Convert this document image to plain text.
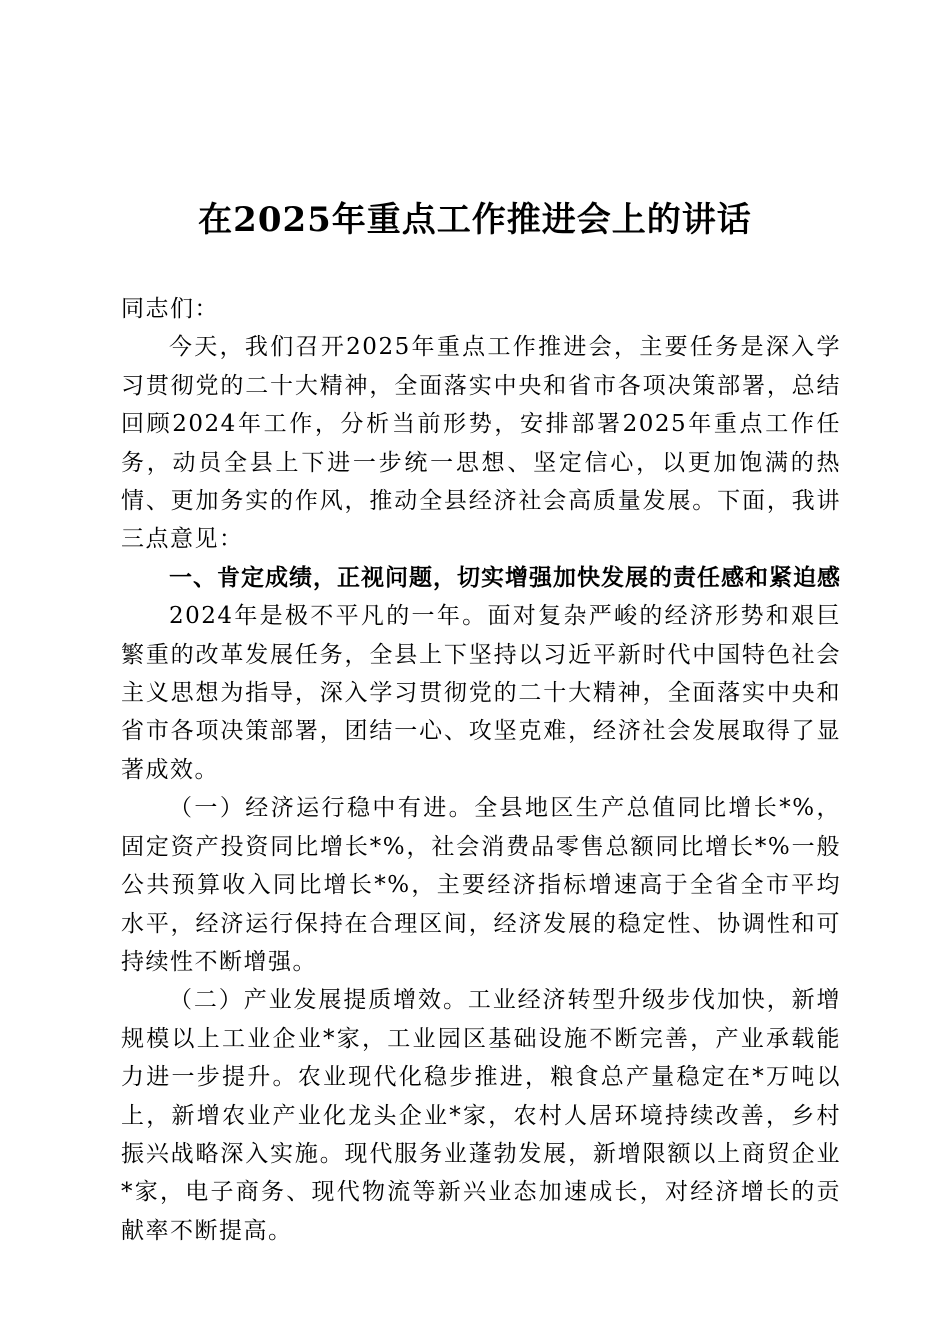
在2025年重点工作推进会上的讲话

同志们：

今天，我们召开2025年重点工作推进会，主要任务是深入学习贯彻党的二十大精神，全面落实中央和省市各项决策部署，总结回顾2024年工作，分析当前形势，安排部署2025年重点工作任务，动员全县上下进一步统一思想、坚定信心，以更加饱满的热情、更加务实的作风，推动全县经济社会高质量发展。下面，我讲三点意见：

一、肯定成绩，正视问题，切实增强加快发展的责任感和紧迫感

2024年是极不平凡的一年。面对复杂严峻的经济形势和艰巨繁重的改革发展任务，全县上下坚持以习近平新时代中国特色社会主义思想为指导，深入学习贯彻党的二十大精神，全面落实中央和省市各项决策部署，团结一心、攻坚克难，经济社会发展取得了显著成效。

（一）经济运行稳中有进。全县地区生产总值同比增长*%，固定资产投资同比增长*%，社会消费品零售总额同比增长*%一般公共预算收入同比增长*%，主要经济指标增速高于全省全市平均水平，经济运行保持在合理区间，经济发展的稳定性、协调性和可持续性不断增强。

（二）产业发展提质增效。工业经济转型升级步伐加快，新增规模以上工业企业*家，工业园区基础设施不断完善，产业承载能力进一步提升。农业现代化稳步推进，粮食总产量稳定在*万吨以上，新增农业产业化龙头企业*家，农村人居环境持续改善，乡村振兴战略深入实施。现代服务业蓬勃发展，新增限额以上商贸企业*家，电子商务、现代物流等新兴业态加速成长，对经济增长的贡献率不断提高。
